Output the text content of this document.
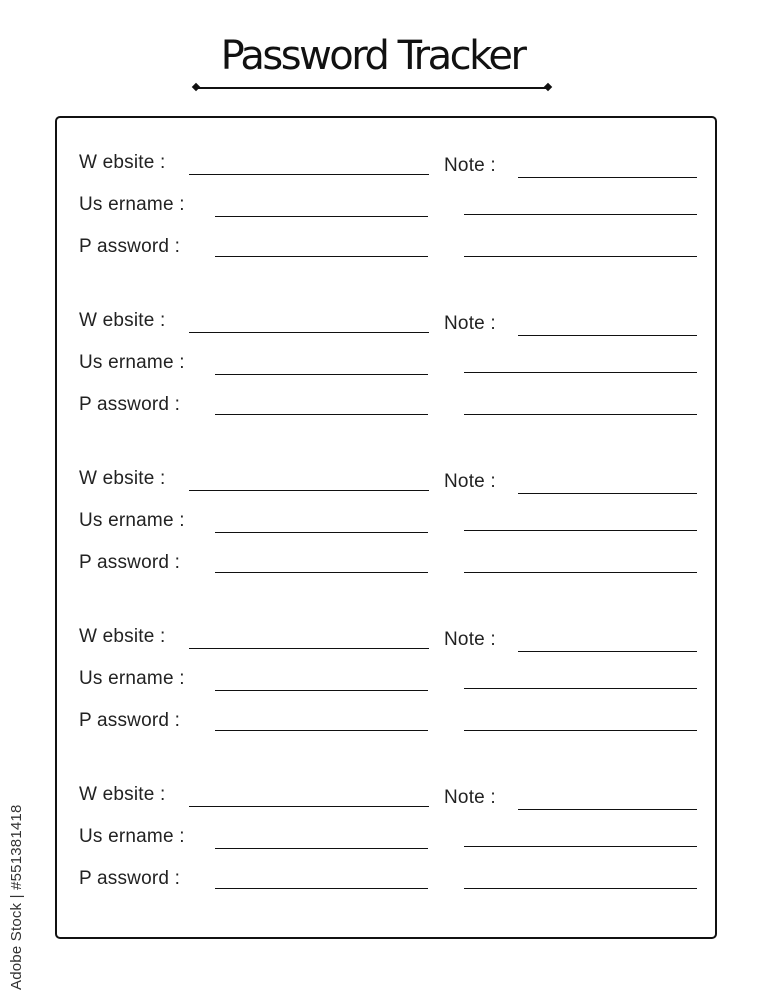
Password Tracker
W ebsite :
Us ername :
P assword :
Note :
W ebsite :
Us ername :
P assword :
Note :
W ebsite :
Us ername :
P assword :
Note :
W ebsite :
Us ername :
P assword :
Note :
W ebsite :
Us ername :
P assword :
Note :
Adobe Stock | #551381418
